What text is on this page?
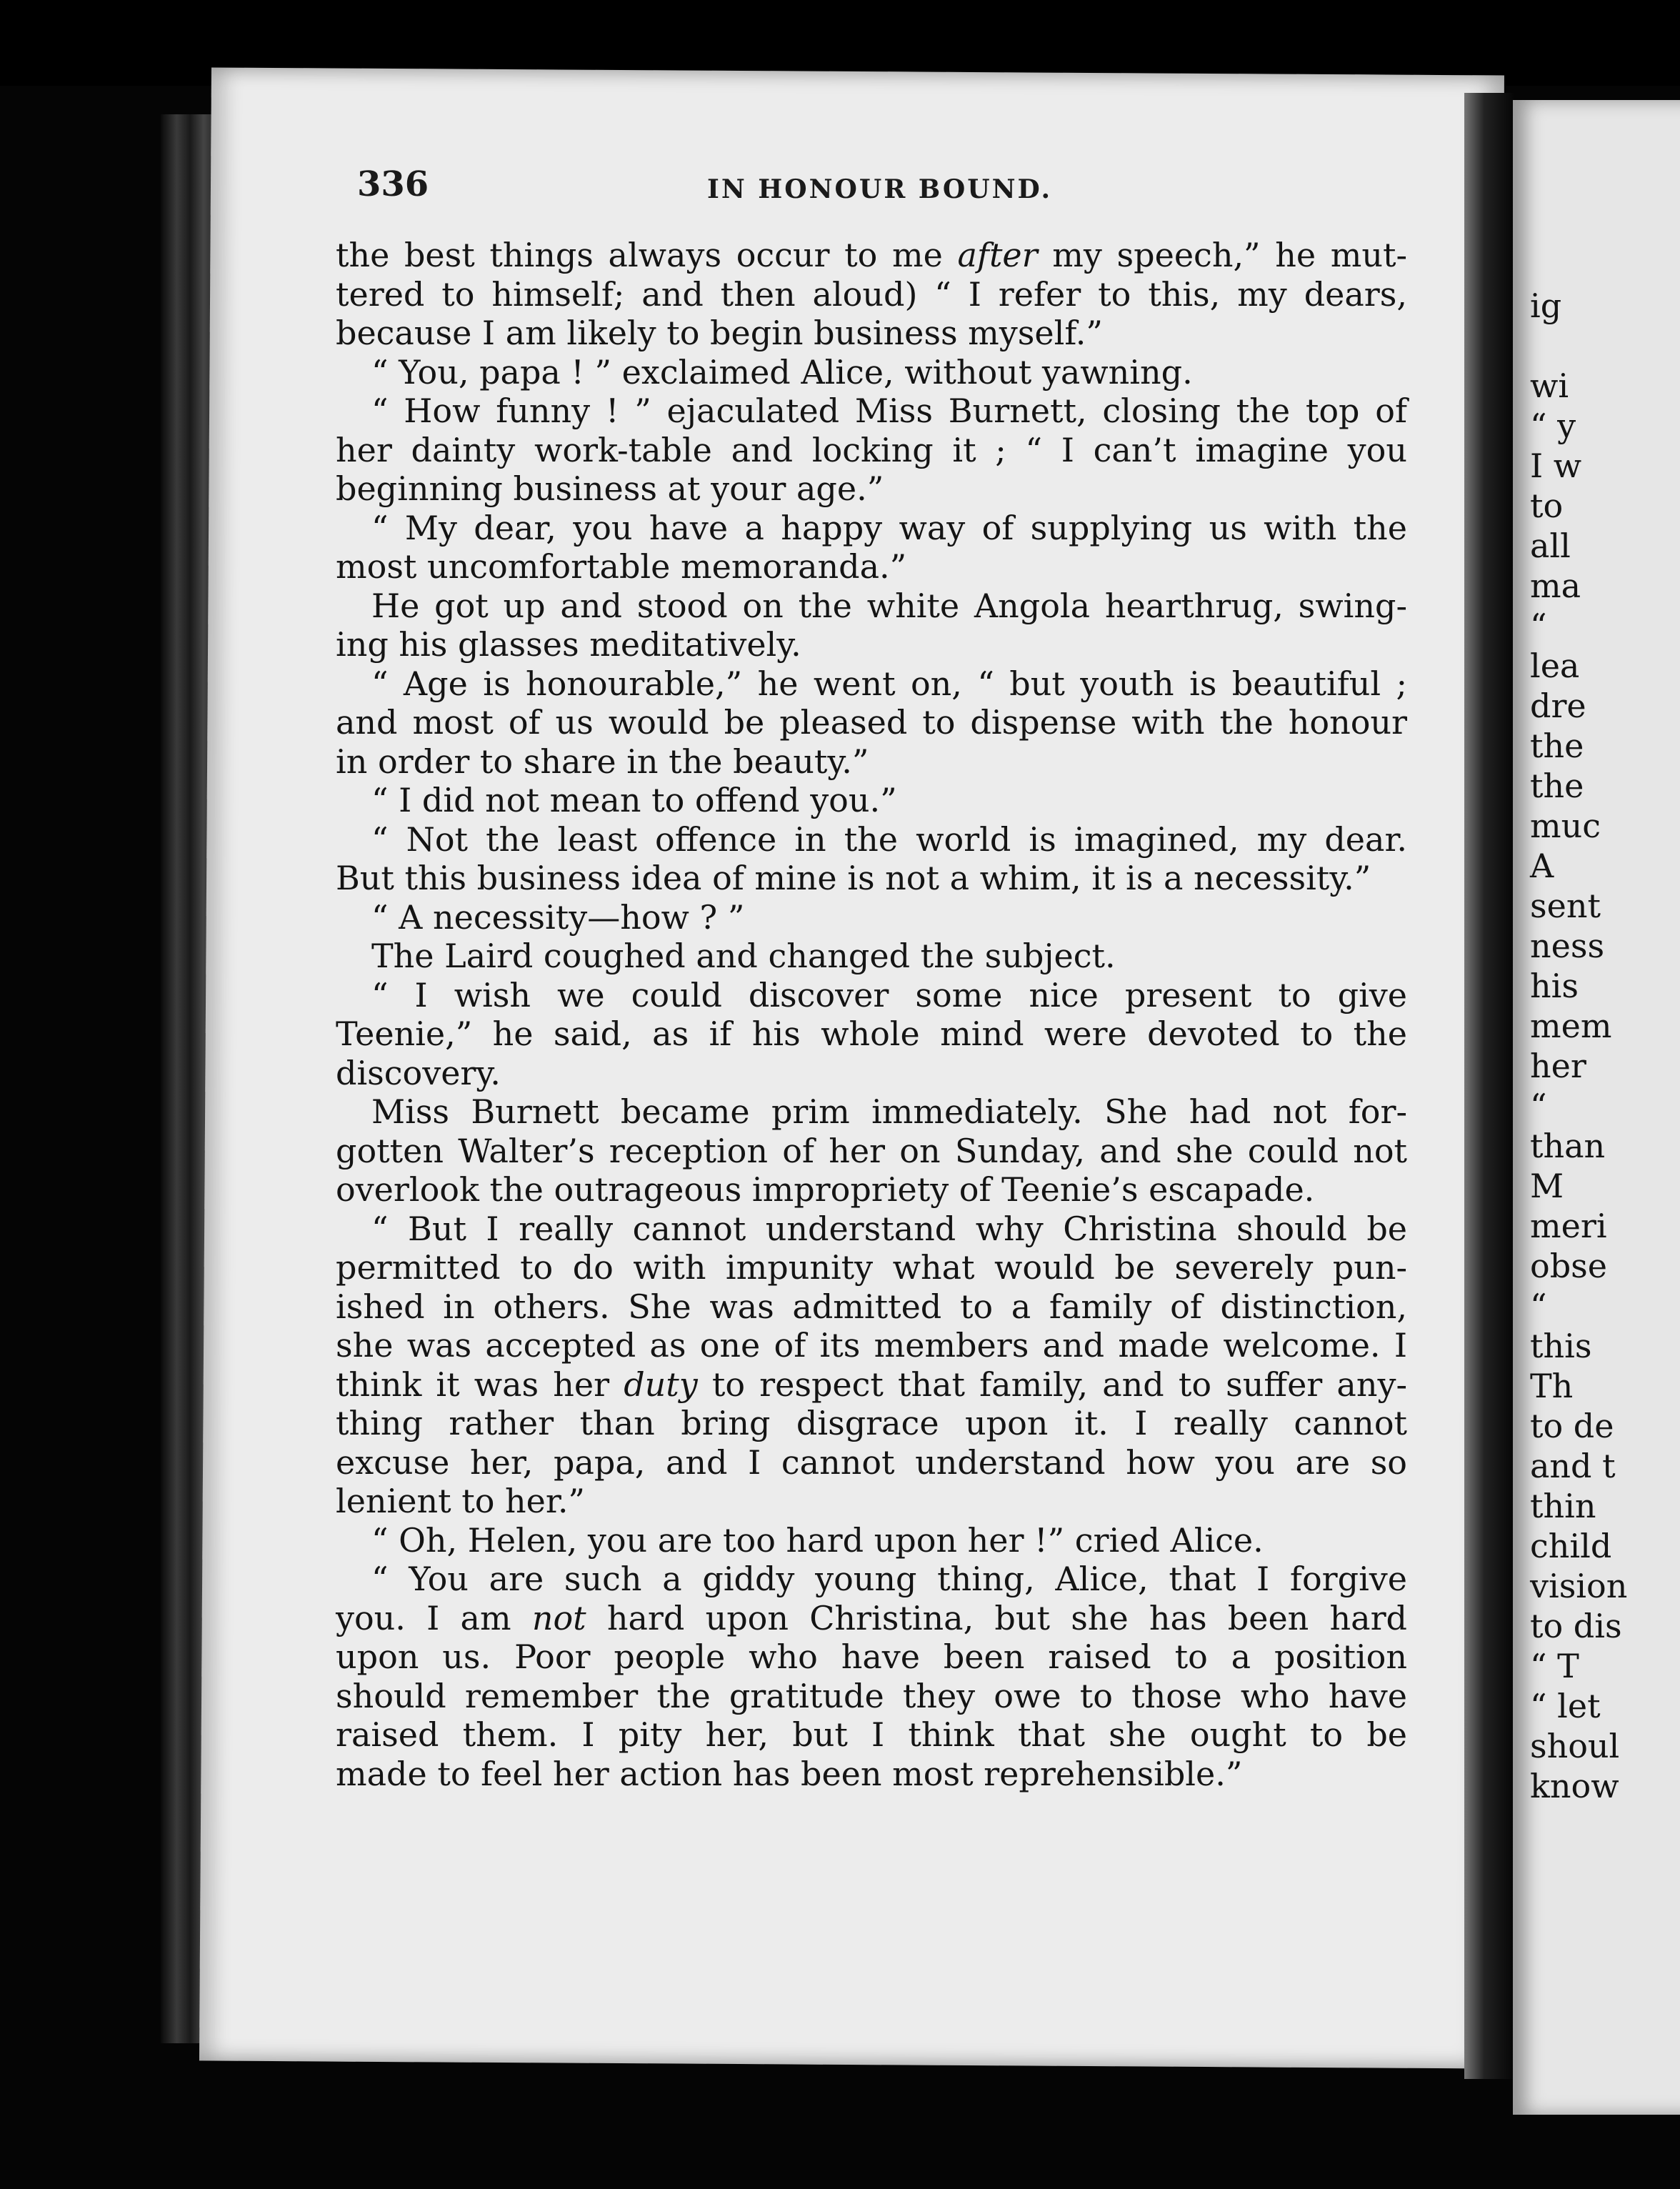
336	IN HONOUR BOUND.
the best things always occur to me after my speech,” he mut-
tered to himself; and then aloud) “ I refer to this, my dears,
because I am likely to begin business myself.”
“ You, papa ! ” exclaimed Alice, without yawning.
“ How funny ! ” ejaculated Miss Burnett, closing the top of
her dainty work-table and locking it ; “ I can’t imagine you
beginning business at your age.”
“ My dear, you have a happy way of supplying us with the
most uncomfortable memoranda.”
He got up and stood on the white Angola hearthrug, swing-
ing his glasses meditatively.
“ Age is honourable,” he went on, “ but youth is beautiful ;
and most of us would be pleased to dispense with the honour
in order to share in the beauty.”
“ I did not mean to offend you.”
“ Not the least offence in the world is imagined, my dear.
But this business idea of mine is not a whim, it is a necessity.”
“ A necessity—how ? ”
The Laird coughed and changed the subject.
“ I wish we could discover some nice present to give
Teenie,” he said, as if his whole mind were devoted to the
discovery.
Miss Burnett became prim immediately. She had not for-
gotten Walter’s reception of her on Sunday, and she could not
overlook the outrageous impropriety of Teenie’s escapade.
“ But I really cannot understand why Christina should be
permitted to do with impunity what would be severely pun-
ished in others. She was admitted to a family of distinction,
she was accepted as one of its members and made welcome. I
think it was her duty to respect that family, and to suffer any-
thing rather than bring disgrace upon it. I really cannot
excuse her, papa, and I cannot understand how you are so
lenient to her.”
“ Oh, Helen, you are too hard upon her !” cried Alice.
“ You are such a giddy young thing, Alice, that I forgive
you. I am not hard upon Christina, but she has been hard
upon us. Poor people who have been raised to a position
should remember the gratitude they owe to those who have
raised them. I pity her, but I think that she ought to be
made to feel her action has been most reprehensible.”
ig
wi
“ y
I w
to
all
ma
“
lea
dre
the
the
muc
A
sent
ness
his
mem
her
“
than
M
meri
obse
“
this
Th
to de
and t
thin
child
vision
to dis
“ T
“ let
shoul
know
